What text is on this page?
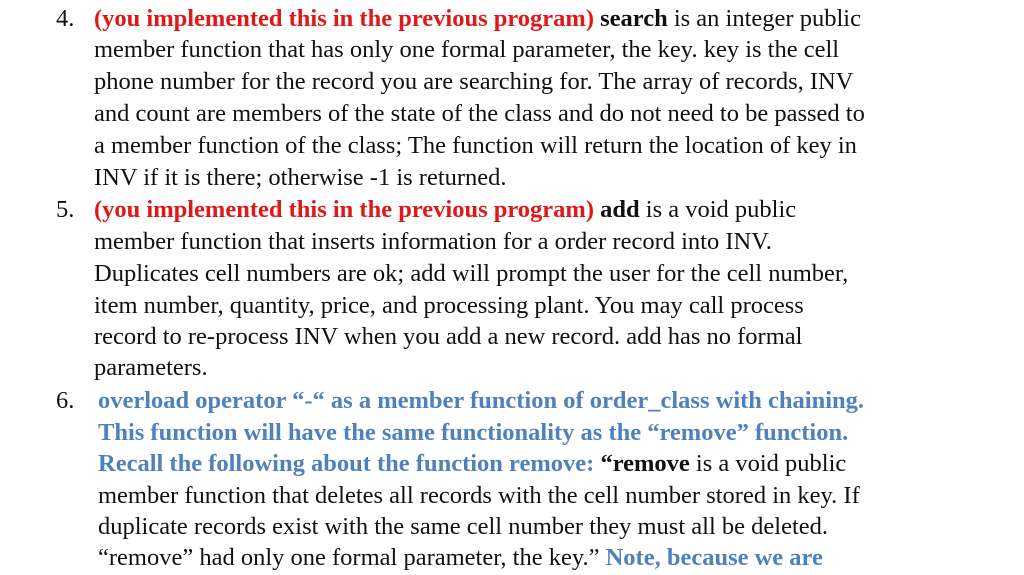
4. (you implemented this in the previous program) search is an integer public
member function that has only one formal parameter, the key. key is the cell
phone number for the record you are searching for. The array of records, INV
and count are members of the state of the class and do not need to be passed to
a member function of the class; The function will return the location of key in
INV if it is there; otherwise -1 is returned.
5. (you implemented this in the previous program) add is a void public
member function that inserts information for a order record into INV.
Duplicates cell numbers are ok; add will prompt the user for the cell number,
item number, quantity, price, and processing plant. You may call process
record to re-process INV when you add a new record. add has no formal
parameters.
6. overload operator “-“ as a member function of order_class with chaining.
This function will have the same functionality as the “remove” function.
Recall the following about the function remove: “remove is a void public
member function that deletes all records with the cell number stored in key. If
duplicate records exist with the same cell number they must all be deleted.
“remove” had only one formal parameter, the key.” Note, because we are
